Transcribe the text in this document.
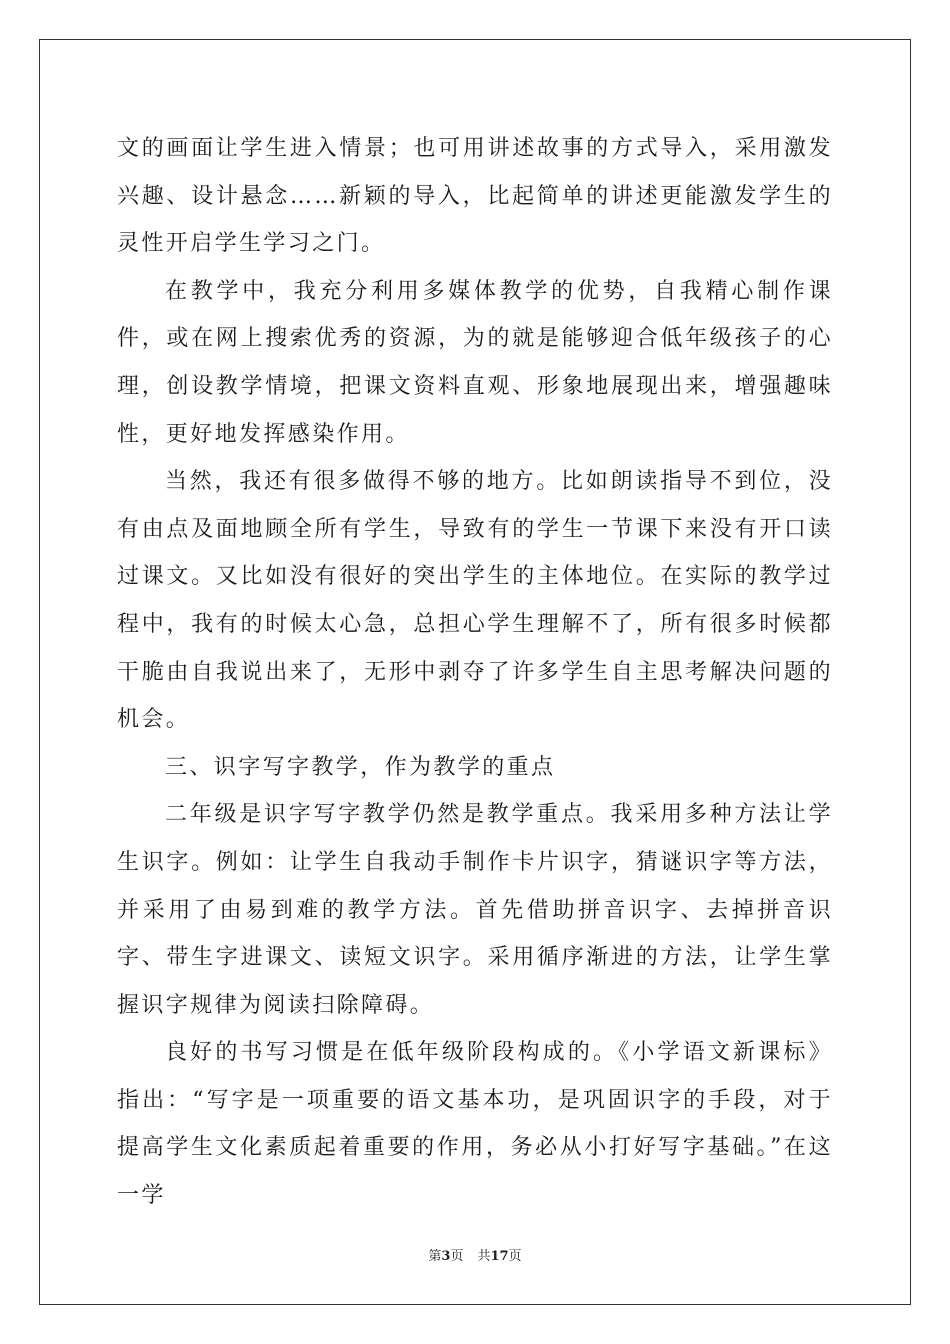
文的画面让学生进入情景；也可用讲述故事的方式导入，采用激发兴趣、设计悬念……新颖的导入，比起简单的讲述更能激发学生的灵性开启学生学习之门。

在教学中，我充分利用多媒体教学的优势，自我精心制作课件，或在网上搜索优秀的资源，为的就是能够迎合低年级孩子的心理，创设教学情境，把课文资料直观、形象地展现出来，增强趣味性，更好地发挥感染作用。

当然，我还有很多做得不够的地方。比如朗读指导不到位，没有由点及面地顾全所有学生，导致有的学生一节课下来没有开口读过课文。又比如没有很好的突出学生的主体地位。在实际的教学过程中，我有的时候太心急，总担心学生理解不了，所有很多时候都干脆由自我说出来了，无形中剥夺了许多学生自主思考解决问题的机会。

三、识字写字教学，作为教学的重点

二年级是识字写字教学仍然是教学重点。我采用多种方法让学生识字。例如：让学生自我动手制作卡片识字，猜谜识字等方法，并采用了由易到难的教学方法。首先借助拼音识字、去掉拼音识字、带生字进课文、读短文识字。采用循序渐进的方法，让学生掌握识字规律为阅读扫除障碍。

良好的书写习惯是在低年级阶段构成的。《小学语文新课标》指出：“写字是一项重要的语文基本功，是巩固识字的手段，对于提高学生文化素质起着重要的作用，务必从小打好写字基础。”在这一学

第3页 共17页
